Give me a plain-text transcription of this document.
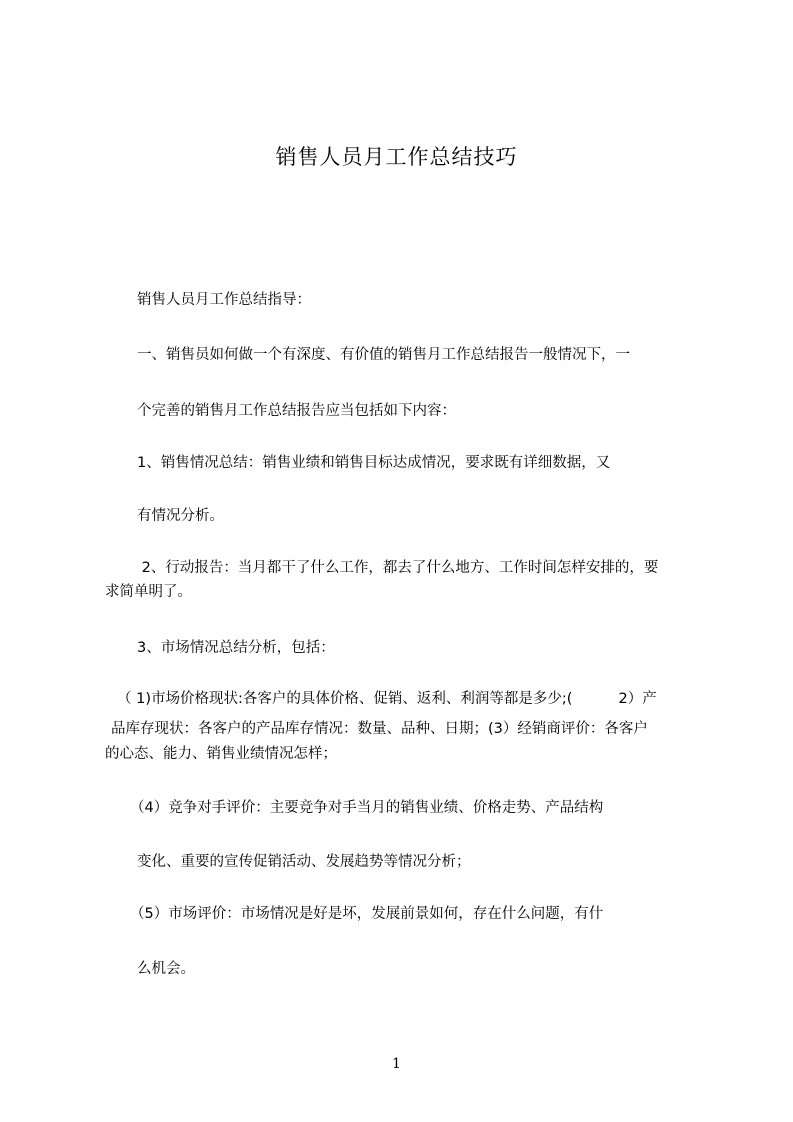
销售人员月工作总结技巧
销售人员月工作总结指导：
一、销售员如何做一个有深度、有价值的销售月工作总结报告一般情况下，一
个完善的销售月工作总结报告应当包括如下内容：
1、销售情况总结：销售业绩和销售目标达成情况，要求既有详细数据，又
有情况分析。
2、行动报告：当月都干了什么工作，都去了什么地方、工作时间怎样安排的，要
求简单明了。
3、市场情况总结分析，包括：
（ 1)市场价格现状:各客户的具体价格、促销、返利、利润等都是多少;(          2）产
品库存现状：各客户的产品库存情况：数量、品种、日期；(3）经销商评价：各客户
的心态、能力、销售业绩情况怎样；
（4）竞争对手评价：主要竞争对手当月的销售业绩、价格走势、产品结构
变化、重要的宣传促销活动、发展趋势等情况分析；
（5）市场评价：市场情况是好是坏，发展前景如何，存在什么问题，有什
么机会。
1
